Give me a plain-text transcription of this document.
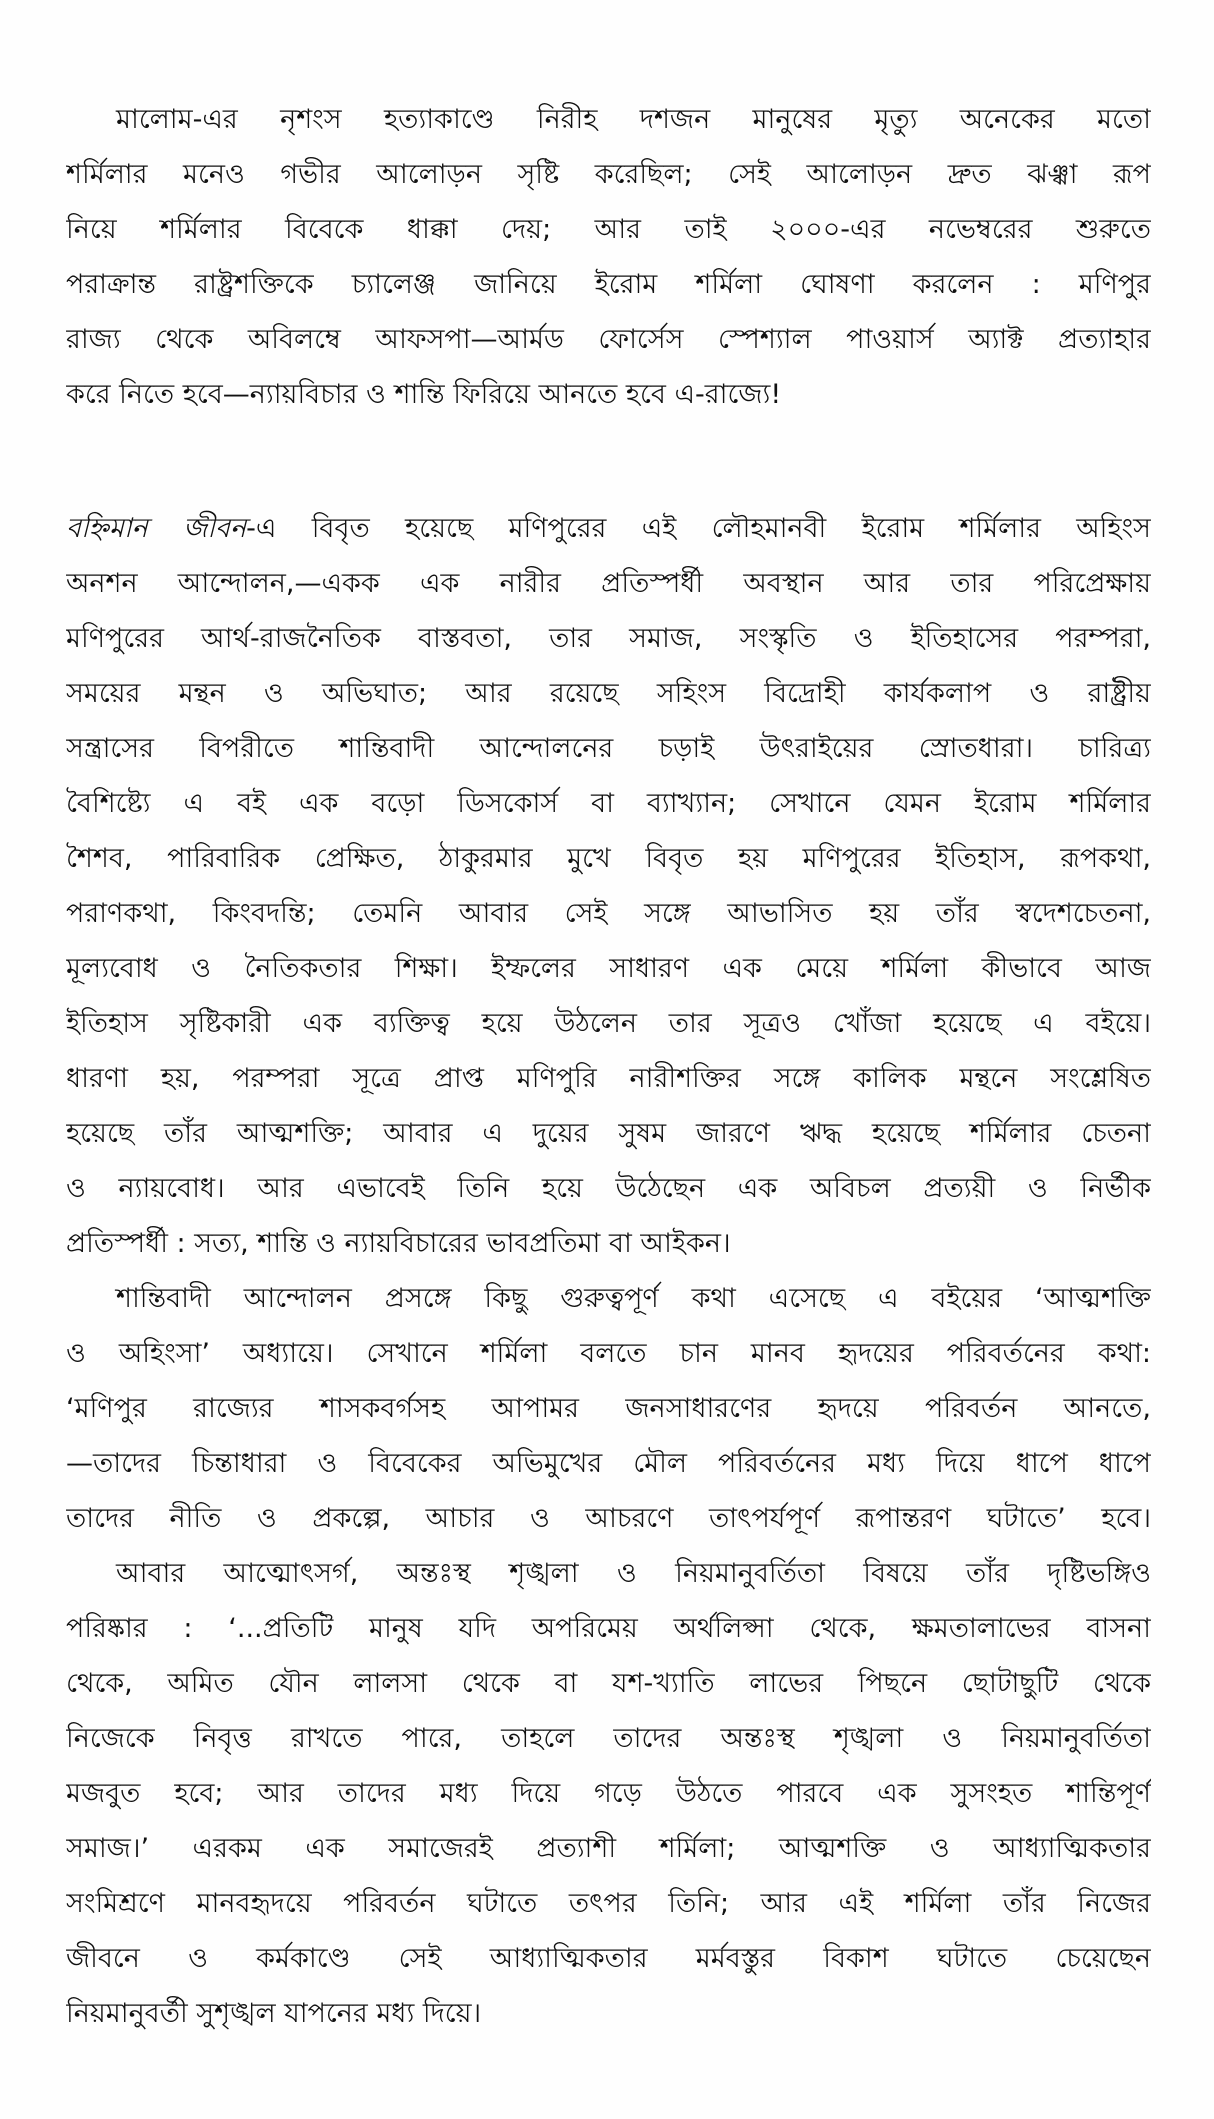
মালোম-এর নৃশংস হত্যাকাণ্ডে নিরীহ দশজন মানুষের মৃত্যু অনেকের মতো
শর্মিলার মনেও গভীর আলোড়ন সৃষ্টি করেছিল; সেই আলোড়ন দ্রুত ঝঞ্ঝা রূপ
নিয়ে শর্মিলার বিবেকে ধাক্কা দেয়; আর তাই ২০০০-এর নভেম্বরের শুরুতে
পরাক্রান্ত রাষ্ট্রশক্তিকে চ্যালেঞ্জ জানিয়ে ইরোম শর্মিলা ঘোষণা করলেন : মণিপুর
রাজ্য থেকে অবিলম্বে আফসপা—আর্মড ফোর্সেস স্পেশ্যাল পাওয়ার্স অ্যাক্ট প্রত্যাহার
করে নিতে হবে—ন্যায়বিচার ও শান্তি ফিরিয়ে আনতে হবে এ-রাজ্যে!
বহ্নিমান জীবন-এ বিবৃত হয়েছে মণিপুরের এই লৌহমানবী ইরোম শর্মিলার অহিংস
অনশন আন্দোলন,—একক এক নারীর প্রতিস্পর্ধী অবস্থান আর তার পরিপ্রেক্ষায়
মণিপুরের আর্থ-রাজনৈতিক বাস্তবতা, তার সমাজ, সংস্কৃতি ও ইতিহাসের পরম্পরা,
সময়ের মন্থন ও অভিঘাত; আর রয়েছে সহিংস বিদ্রোহী কার্যকলাপ ও রাষ্ট্রীয়
সন্ত্রাসের বিপরীতে শান্তিবাদী আন্দোলনের চড়াই উৎরাইয়ের স্রোতধারা। চারিত্র্য
বৈশিষ্ট্যে এ বই এক বড়ো ডিসকোর্স বা ব্যাখ্যান; সেখানে যেমন ইরোম শর্মিলার
শৈশব, পারিবারিক প্রেক্ষিত, ঠাকুরমার মুখে বিবৃত হয় মণিপুরের ইতিহাস, রূপকথা,
পরাণকথা, কিংবদন্তি; তেমনি আবার সেই সঙ্গে আভাসিত হয় তাঁর স্বদেশচেতনা,
মূল্যবোধ ও নৈতিকতার শিক্ষা। ইম্ফলের সাধারণ এক মেয়ে শর্মিলা কীভাবে আজ
ইতিহাস সৃষ্টিকারী এক ব্যক্তিত্ব হয়ে উঠলেন তার সূত্রও খোঁজা হয়েছে এ বইয়ে।
ধারণা হয়, পরম্পরা সূত্রে প্রাপ্ত মণিপুরি নারীশক্তির সঙ্গে কালিক মন্থনে সংশ্লেষিত
হয়েছে তাঁর আত্মশক্তি; আবার এ দুয়ের সুষম জারণে ঋদ্ধ হয়েছে শর্মিলার চেতনা
ও ন্যায়বোধ। আর এভাবেই তিনি হয়ে উঠেছেন এক অবিচল প্রত্যয়ী ও নির্ভীক
প্রতিস্পর্ধী : সত্য, শান্তি ও ন্যায়বিচারের ভাবপ্রতিমা বা আইকন।
শান্তিবাদী আন্দোলন প্রসঙ্গে কিছু গুরুত্বপূর্ণ কথা এসেছে এ বইয়ের ‘আত্মশক্তি
ও অহিংসা’ অধ্যায়ে। সেখানে শর্মিলা বলতে চান মানব হৃদয়ের পরিবর্তনের কথা:
‘মণিপুর রাজ্যের শাসকবর্গসহ আপামর জনসাধারণের হৃদয়ে পরিবর্তন আনতে,
—তাদের চিন্তাধারা ও বিবেকের অভিমুখের মৌল পরিবর্তনের মধ্য দিয়ে ধাপে ধাপে
তাদের নীতি ও প্রকল্পে, আচার ও আচরণে তাৎপর্যপূর্ণ রূপান্তরণ ঘটাতে’ হবে।
আবার আত্মোৎসর্গ, অন্তঃস্থ শৃঙ্খলা ও নিয়মানুবর্তিতা বিষয়ে তাঁর দৃষ্টিভঙ্গিও
পরিষ্কার : ‘...প্রতিটি মানুষ যদি অপরিমেয় অর্থলিপ্সা থেকে, ক্ষমতালাভের বাসনা
থেকে, অমিত যৌন লালসা থেকে বা যশ-খ্যাতি লাভের পিছনে ছোটাছুটি থেকে
নিজেকে নিবৃত্ত রাখতে পারে, তাহলে তাদের অন্তঃস্থ শৃঙ্খলা ও নিয়মানুবর্তিতা
মজবুত হবে; আর তাদের মধ্য দিয়ে গড়ে উঠতে পারবে এক সুসংহত শান্তিপূর্ণ
সমাজ।’ এরকম এক সমাজেরই প্রত্যাশী শর্মিলা; আত্মশক্তি ও আধ্যাত্মিকতার
সংমিশ্রণে মানবহৃদয়ে পরিবর্তন ঘটাতে তৎপর তিনি; আর এই শর্মিলা তাঁর নিজের
জীবনে ও কর্মকাণ্ডে সেই আধ্যাত্মিকতার মর্মবস্তুর বিকাশ ঘটাতে চেয়েছেন
নিয়মানুবর্তী সুশৃঙ্খল যাপনের মধ্য দিয়ে।
